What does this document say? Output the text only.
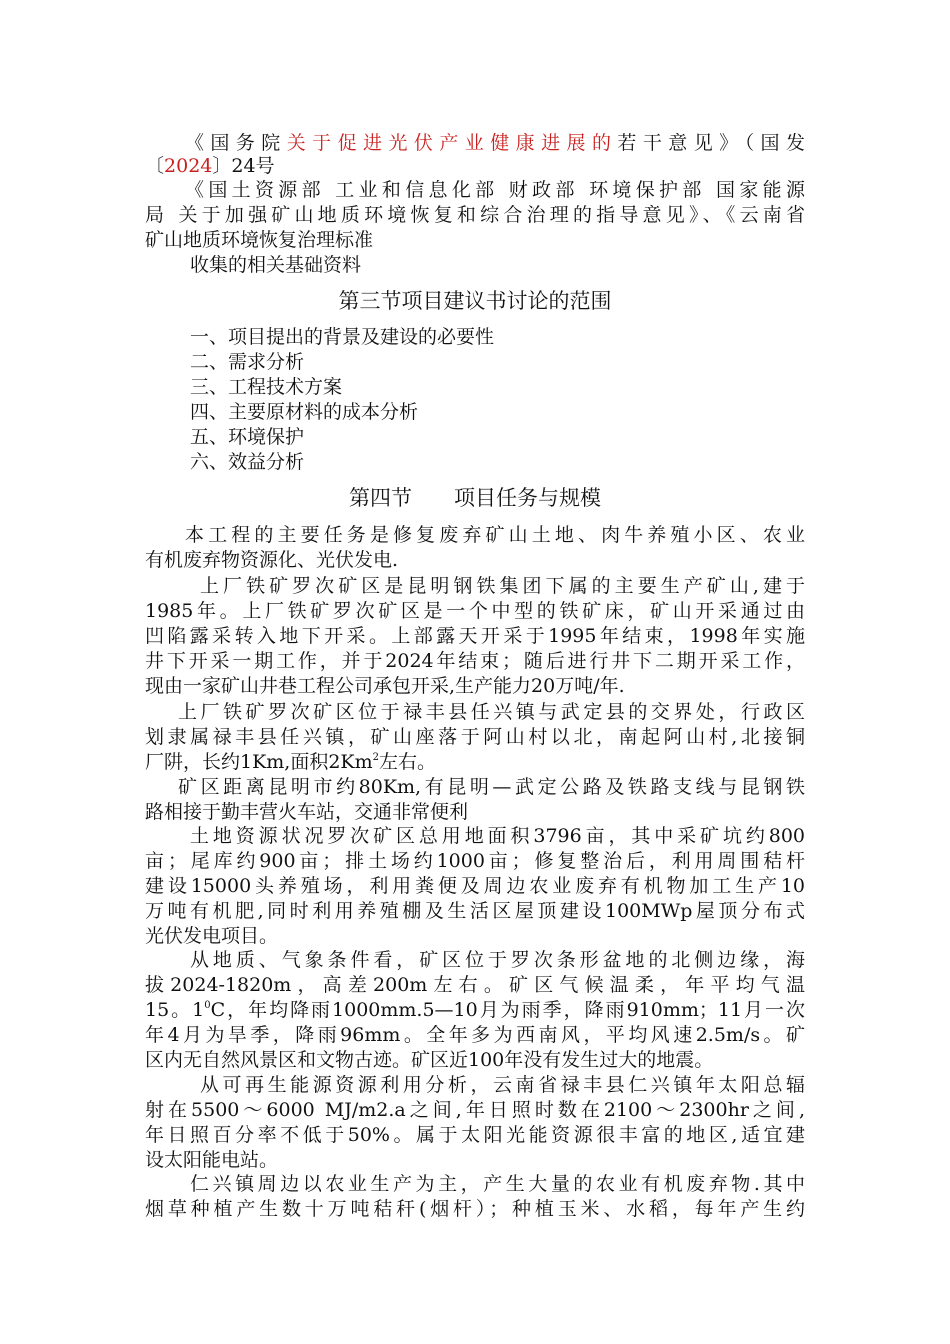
《国务院关于促进光伏产业健康进展的若干意见》（国发
〔2024〕24号
《国土资源部 工业和信息化部 财政部 环境保护部 国家能源
局 关于加强矿山地质环境恢复和综合治理的指导意见》、《云南省
矿山地质环境恢复治理标准
收集的相关基础资料
第三节项目建议书讨论的范围
一、项目提出的背景及建设的必要性
二、需求分析
三、工程技术方案
四、主要原材料的成本分析
五、环境保护
六、效益分析
第四节　　项目任务与规模
本工程的主要任务是修复废弃矿山土地、肉牛养殖小区、农业
有机废弃物资源化、光伏发电.
上厂铁矿罗次矿区是昆明钢铁集团下属的主要生产矿山,建于
1985年。上厂铁矿罗次矿区是一个中型的铁矿床，矿山开采通过由
凹陷露采转入地下开采。上部露天开采于1995年结束，1998年实施
井下开采一期工作，并于2024年结束；随后进行井下二期开采工作，
现由一家矿山井巷工程公司承包开采,生产能力20万吨/年.
上厂铁矿罗次矿区位于禄丰县任兴镇与武定县的交界处，行政区
划隶属禄丰县任兴镇，矿山座落于阿山村以北，南起阿山村,北接铜
厂阱，长约1Km,面积2Km$^2$左右。
矿区距离昆明市约80Km,有昆明—武定公路及铁路支线与昆钢铁
路相接于勤丰营火车站，交通非常便利
土地资源状况罗次矿区总用地面积3796亩，其中采矿坑约800
亩；尾库约900亩；排土场约1000亩；修复整治后，利用周围秸杆
建设15000头养殖场，利用粪便及周边农业废弃有机物加工生产10
万吨有机肥,同时利用养殖棚及生活区屋顶建设100MWp屋顶分布式
光伏发电项目。
从地质、气象条件看，矿区位于罗次条形盆地的北侧边缘，海
拔2024-1820m，高差200m左右。矿区气候温柔，年平均气温
15。$1^0C$，年均降雨1000mm.5—10月为雨季，降雨910mm；11月一次
年4月为旱季，降雨96mm。全年多为西南风，平均风速2.5m/s。矿
区内无自然风景区和文物古迹。矿区近100年没有发生过大的地震。
从可再生能源资源利用分析，云南省禄丰县仁兴镇年太阳总辐
射在5500～6000 MJ/m2.a之间,年日照时数在2100～2300hr之间,
年日照百分率不低于50%。属于太阳光能资源很丰富的地区,适宜建
设太阳能电站。
仁兴镇周边以农业生产为主，产生大量的农业有机废弃物.其中
烟草种植产生数十万吨秸秆(烟杆）；种植玉米、水稻，每年产生约
